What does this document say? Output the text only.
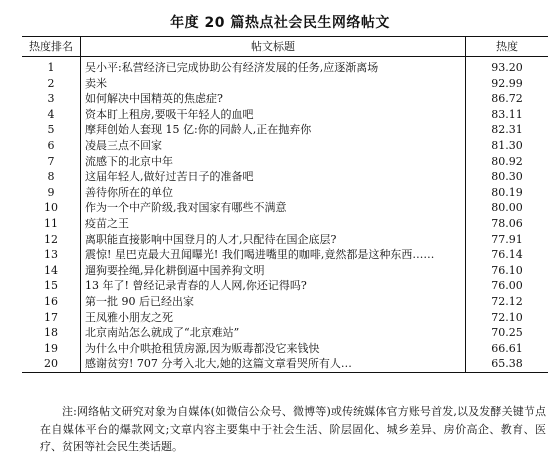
年度 20 篇热点社会民生网络帖文
热度排名	帖文标题	热度
1	吴小平:私营经济已完成协助公有经济发展的任务,应逐渐离场	93.20
2	卖米	92.99
3	如何解决中国精英的焦虑症?	86.72
4	资本盯上租房,要吸干年轻人的血吧	83.11
5	摩拜创始人套现 15 亿:你的同龄人,正在抛弃你	82.31
6	凌晨三点不回家	81.30
7	流感下的北京中年	80.92
8	这届年轻人,做好过苦日子的准备吧	80.30
9	善待你所在的单位	80.19
10	作为一个中产阶级,我对国家有哪些不满意	80.00
11	疫苗之王	78.06
12	离职能直接影响中国登月的人才,只配待在国企底层?	77.91
13	震惊! 星巴克最大丑闻曝光! 我们喝进嘴里的咖啡,竟然都是这种东西……	76.14
14	遛狗要拴绳,异化耕倒逼中国养狗文明	76.10
15	13 年了! 曾经记录青春的人人网,你还记得吗?	76.00
16	第一批 90 后已经出家	72.12
17	王凤雅小朋友之死	72.10
18	北京南站怎么就成了“北京难站”	70.25
19	为什么中介哄抢租赁房源,因为贩毒都没它来钱快	66.61
20	感谢贫穷! 707 分考入北大,她的这篇文章看哭所有人…	65.38
注:网络帖文研究对象为自媒体(如微信公众号、微博等)或传统媒体官方账号首发,以及发酵关键节点在自媒体平台的爆款网文;文章内容主要集中于社会生活、阶层固化、城乡差异、房价高企、教育、医疗、贫困等社会民生类话题。
